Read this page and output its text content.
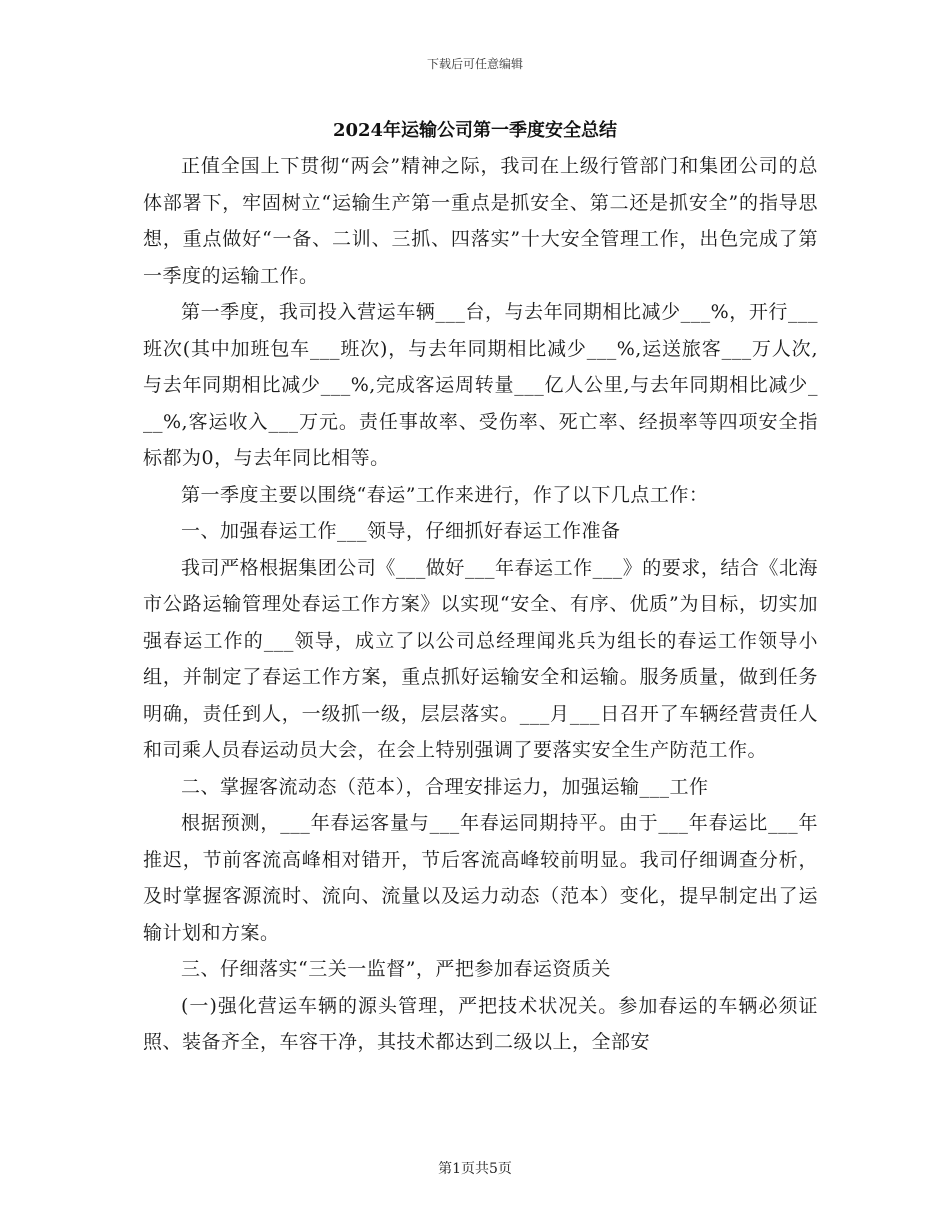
下载后可任意编辑
2024年运输公司第一季度安全总结

正值全国上下贯彻“两会”精神之际，我司在上级行管部门和集团公司的总体部署下，牢固树立“运输生产第一重点是抓安全、第二还是抓安全”的指导思想，重点做好“一备、二训、三抓、四落实”十大安全管理工作，出色完成了第一季度的运输工作。

第一季度，我司投入营运车辆___台，与去年同期相比减少___%，开行___班次(其中加班包车___班次)，与去年同期相比减少___%,运送旅客___万人次,与去年同期相比减少___%,完成客运周转量___亿人公里,与去年同期相比减少___%,客运收入___万元。责任事故率、受伤率、死亡率、经损率等四项安全指标都为0，与去年同比相等。

第一季度主要以围绕“春运”工作来进行，作了以下几点工作：

一、加强春运工作___领导，仔细抓好春运工作准备

我司严格根据集团公司《___做好___年春运工作___》的要求，结合《北海市公路运输管理处春运工作方案》以实现“安全、有序、优质”为目标，切实加强春运工作的___领导，成立了以公司总经理闻兆兵为组长的春运工作领导小组，并制定了春运工作方案，重点抓好运输安全和运输。服务质量，做到任务明确，责任到人，一级抓一级，层层落实。___月___日召开了车辆经营责任人和司乘人员春运动员大会，在会上特别强调了要落实安全生产防范工作。

二、掌握客流动态（范本），合理安排运力，加强运输___工作

根据预测，___年春运客量与___年春运同期持平。由于___年春运比___年推迟，节前客流高峰相对错开，节后客流高峰较前明显。我司仔细调查分析，及时掌握客源流时、流向、流量以及运力动态（范本）变化，提早制定出了运输计划和方案。

三、仔细落实“三关一监督”，严把参加春运资质关

(一)强化营运车辆的源头管理，严把技术状况关。参加春运的车辆必须证照、装备齐全，车容干净，其技术都达到二级以上，全部安

第1页共5页
